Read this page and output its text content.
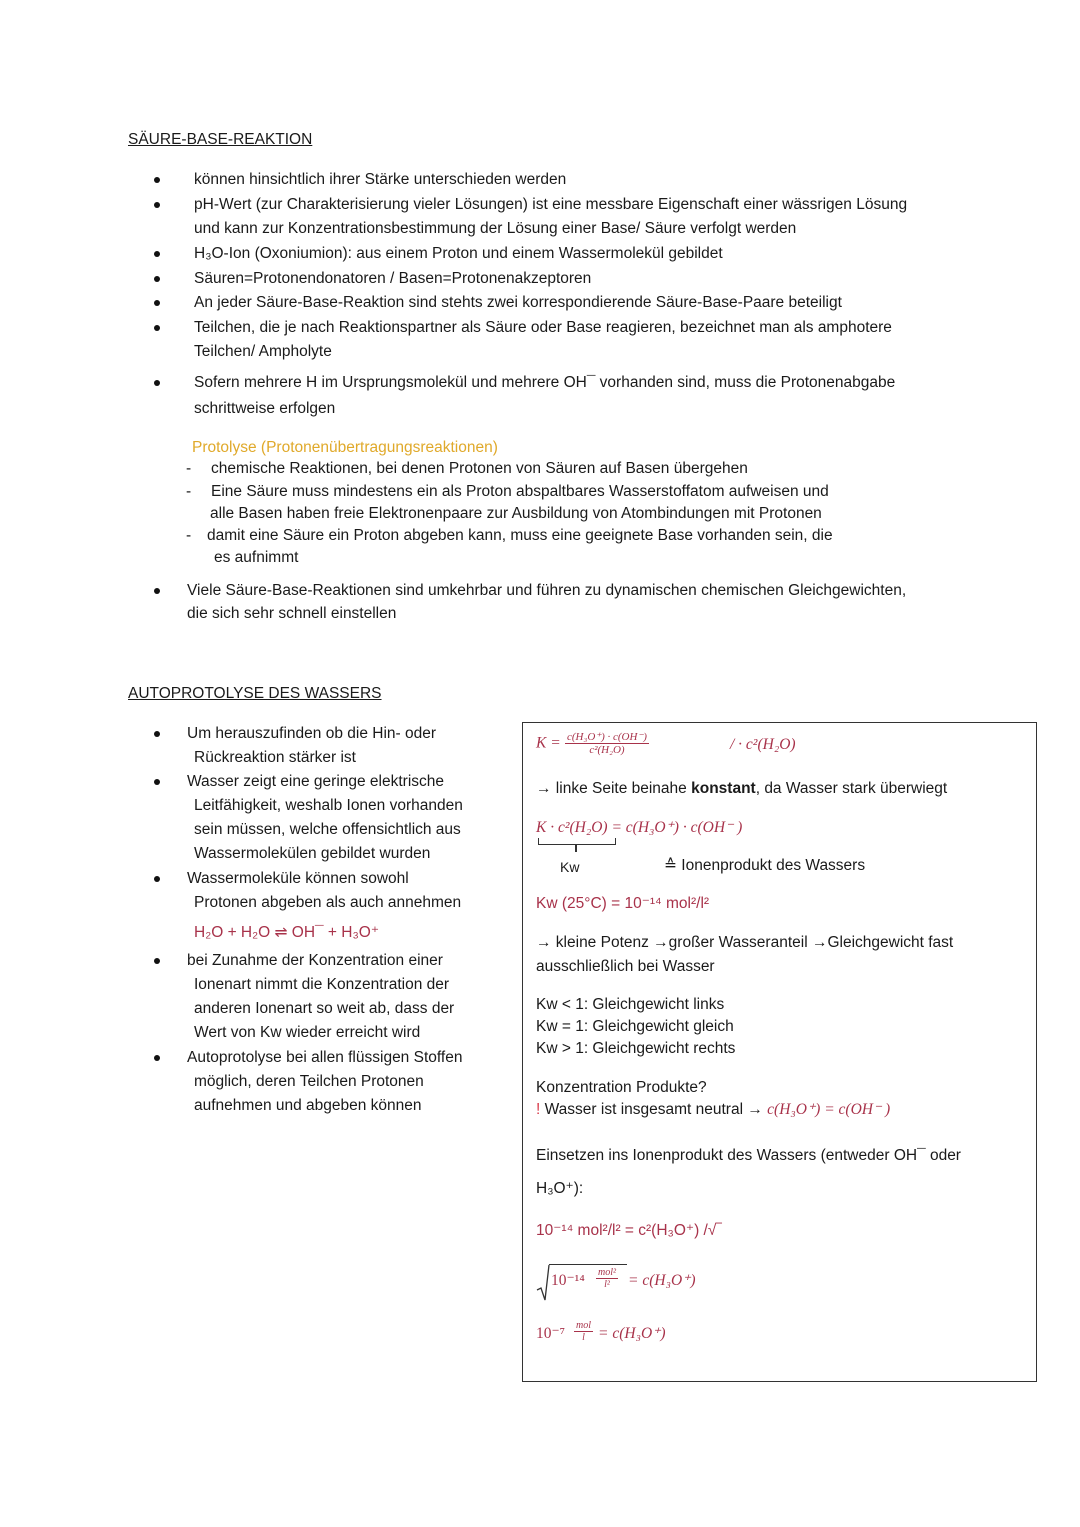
SÄURE-BASE-REAKTION
können hinsichtlich ihrer Stärke unterschieden werden
pH-Wert (zur Charakterisierung vieler Lösungen) ist eine messbare Eigenschaft einer wässrigen Lösung
und kann zur Konzentrationsbestimmung der Lösung einer Base/ Säure verfolgt werden
H₃O-Ion (Oxoniumion): aus einem Proton und einem Wassermolekül gebildet
Säuren=Protonendonatoren / Basen=Protonenakzeptoren
An jeder Säure-Base-Reaktion sind stehts zwei korrespondierende Säure-Base-Paare beteiligt
Teilchen, die je nach Reaktionspartner als Säure oder Base reagieren, bezeichnet man als amphotere
Teilchen/ Ampholyte
Sofern mehrere H im Ursprungsmolekül und mehrere OH¯ vorhanden sind, muss die Protonenabgabe
schrittweise erfolgen
Protolyse (Protonenübertragungsreaktionen)
- chemische Reaktionen, bei denen Protonen von Säuren auf Basen übergehen
- Eine Säure muss mindestens ein als Proton abspaltbares Wasserstoffatom aufweisen und
alle Basen haben freie Elektronenpaare zur Ausbildung von Atombindungen mit Protonen
- damit eine Säure ein Proton abgeben kann, muss eine geeignete Base vorhanden sein, die
es aufnimmt
Viele Säure-Base-Reaktionen sind umkehrbar und führen zu dynamischen chemischen Gleichgewichten,
die sich sehr schnell einstellen
AUTOPROTOLYSE DES WASSERS
Um herauszufinden ob die Hin- oder
Rückreaktion stärker ist
Wasser zeigt eine geringe elektrische
Leitfähigkeit, weshalb Ionen vorhanden
sein müssen, welche offensichtlich aus
Wassermolekülen gebildet wurden
Wassermoleküle können sowohl
Protonen abgeben als auch annehmen
H₂O + H₂O ⇌ OH¯ + H₃O⁺
bei Zunahme der Konzentration einer
Ionenart nimmt die Konzentration der
anderen Ionenart so weit ab, dass der
Wert von Kw wieder erreicht wird
Autoprotolyse bei allen flüssigen Stoffen
möglich, deren Teilchen Protonen
aufnehmen und abgeben können
$K = \frac{\text{c(H₃O⁺) · c(OH⁻)}}{\text{c²(H₂O)}}$	/ · c²(H₂O)
→ linke Seite beinahe konstant, da Wasser stark überwiegt
K · c²(H₂O) = c(H₃O⁺) · c(OH⁻ )
Kw	≙ Ionenprodukt des Wassers
Kw (25°C) = 10⁻¹⁴ mol²/l²
→ kleine Potenz →großer Wasseranteil →Gleichgewicht fast
ausschließlich bei Wasser
Kw < 1: Gleichgewicht links
Kw = 1: Gleichgewicht gleich
Kw > 1: Gleichgewicht rechts
Konzentration Produkte?
! Wasser ist insgesamt neutral → c(H₃O⁺) = c(OH⁻ )
Einsetzen ins Ionenprodukt des Wassers (entweder OH¯ oder
H₃O⁺):
10⁻¹⁴ mol²/l² = c²(H₃O⁺) /√‾
10⁻¹⁴ mol²
l²	= c(H₃O⁺)
10⁻⁷ mol
l = c(H₃O⁺)
